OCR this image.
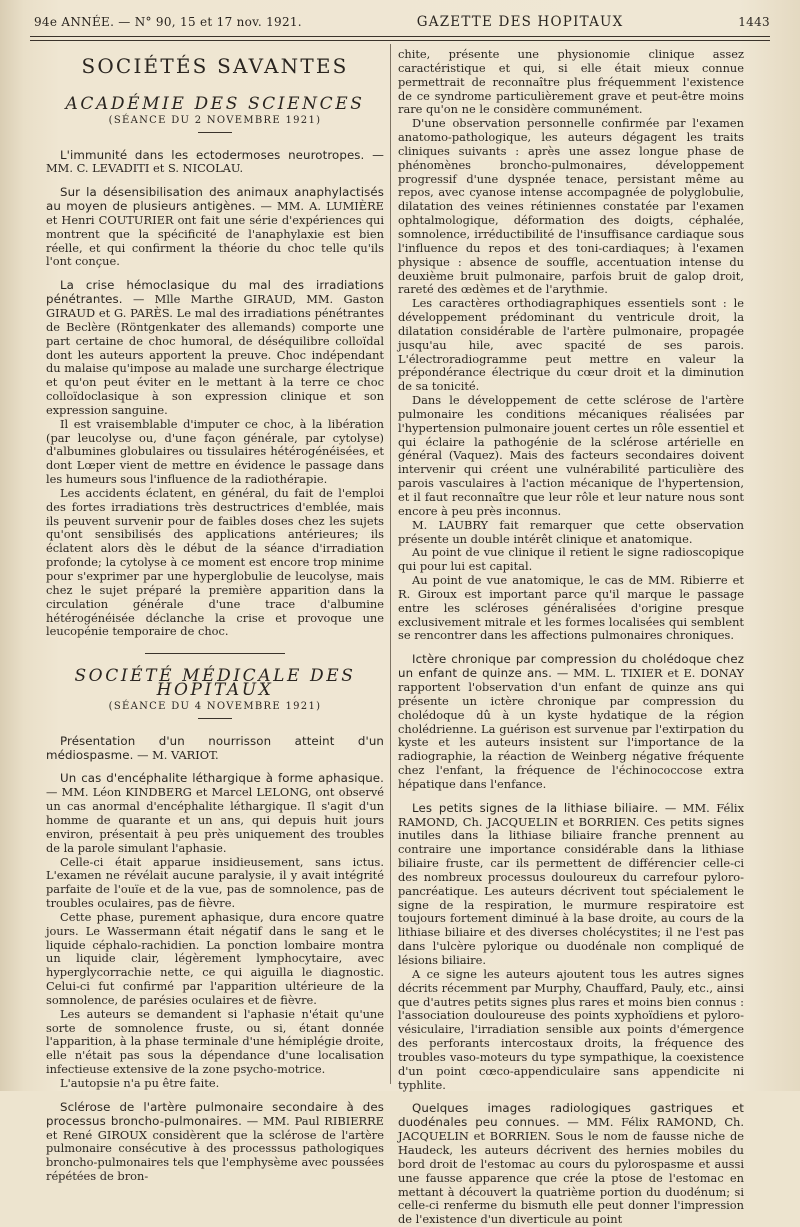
94e ANNÉE. — N° 90, 15 et 17 nov. 1921.	GAZETTE DES HOPITAUX	1443
SOCIÉTÉS SAVANTES
ACADÉMIE DES SCIENCES
(SÉANCE DU 2 NOVEMBRE 1921)

L'immunité dans les ectodermoses neurotropes. — MM. C. LEVADITI et S. NICOLAU.

Sur la désensibilisation des animaux anaphylactisés au moyen de plusieurs antigènes. — MM. A. LUMIÈRE et Henri COUTURIER ont fait une série d'expériences qui montrent que la spécificité de l'anaphylaxie est bien réelle, et qui confirment la théorie du choc telle qu'ils l'ont conçue.

La crise hémoclasique du mal des irradiations pénétrantes. — Mlle Marthe GIRAUD, MM. Gaston GIRAUD et G. PARÈS. Le mal des irradiations pénétrantes de Beclère (Röntgenkater des allemands) comporte une part certaine de choc humoral, de déséquilibre colloïdal dont les auteurs apportent la preuve. Choc indépendant du malaise qu'impose au malade une surcharge électrique et qu'on peut éviter en le mettant à la terre ce choc colloïdoclasique à son expression clinique et son expression sanguine.

Il est vraisemblable d'imputer ce choc, à la libération (par leucolyse ou, d'une façon générale, par cytolyse) d'albumines globulaires ou tissulaires hétérogénéisées, et dont Lœper vient de mettre en évidence le passage dans les humeurs sous l'influence de la radiothérapie.

Les accidents éclatent, en général, du fait de l'emploi des fortes irradiations très destructrices d'emblée, mais ils peuvent survenir pour de faibles doses chez les sujets qu'ont sensibilisés des applications antérieures; ils éclatent alors dès le début de la séance d'irradiation profonde; la cytolyse à ce moment est encore trop minime pour s'exprimer par une hyperglobulie de leucolyse, mais chez le sujet préparé la première apparition dans la circulation générale d'une trace d'albumine hétérogénéisée déclanche la crise et provoque une leucopénie temporaire de choc.

SOCIÉTÉ MÉDICALE DES HOPITAUX
(SÉANCE DU 4 NOVEMBRE 1921)

Présentation d'un nourrisson atteint d'un médiospasme. — M. VARIOT.

Un cas d'encéphalite léthargique à forme aphasique. — MM. Léon KINDBERG et Marcel LELONG, ont observé un cas anormal d'encéphalite léthargique. Il s'agit d'un homme de quarante et un ans, qui depuis huit jours environ, présentait à peu près uniquement des troubles de la parole simulant l'aphasie.

Celle-ci était apparue insidieusement, sans ictus. L'examen ne révélait aucune paralysie, il y avait intégrité parfaite de l'ouïe et de la vue, pas de somnolence, pas de troubles oculaires, pas de fièvre.

Cette phase, purement aphasique, dura encore quatre jours. Le Wassermann était négatif dans le sang et le liquide céphalo-rachidien. La ponction lombaire montra un liquide clair, légèrement lymphocytaire, avec hyperglycorrachie nette, ce qui aiguilla le diagnostic. Celui-ci fut confirmé par l'apparition ultérieure de la somnolence, de parésies oculaires et de fièvre.

Les auteurs se demandent si l'aphasie n'était qu'une sorte de somnolence fruste, ou si, étant donnée l'apparition, à la phase terminale d'une hémiplégie droite, elle n'était pas sous la dépendance d'une localisation infectieuse extensive de la zone psycho-motrice.

L'autopsie n'a pu être faite.

Sclérose de l'artère pulmonaire secondaire à des processus broncho-pulmonaires. — MM. Paul RIBIERRE et René GIROUX considèrent que la sclérose de l'artère pulmonaire consécutive à des processsus pathologiques broncho-pulmonaires tels que l'emphysème avec poussées répétées de bron-

chite, présente une physionomie clinique assez caractéristique et qui, si elle était mieux connue permettrait de reconnaître plus fréquemment l'existence de ce syndrome particulièrement grave et peut-être moins rare qu'on ne le considère communément.

D'une observation personnelle confirmée par l'examen anatomo-pathologique, les auteurs dégagent les traits cliniques suivants : après une assez longue phase de phénomènes broncho-pulmonaires, développement progressif d'une dyspnée tenace, persistant même au repos, avec cyanose intense accompagnée de polyglobulie, dilatation des veines rétiniennes constatée par l'examen ophtalmologique, déformation des doigts, céphalée, somnolence, irréductibilité de l'insuffisance cardiaque sous l'influence du repos et des toni-cardiaques; à l'examen physique : absence de souffle, accentuation intense du deuxième bruit pulmonaire, parfois bruit de galop droit, rareté des œdèmes et de l'arythmie.

Les caractères orthodiagraphiques essentiels sont : le développement prédominant du ventricule droit, la dilatation considérable de l'artère pulmonaire, propagée jusqu'au hile, avec spacité de ses parois. L'électroradiogramme peut mettre en valeur la prépondérance électrique du cœur droit et la diminution de sa tonicité.

Dans le développement de cette sclérose de l'artère pulmonaire les conditions mécaniques réalisées par l'hypertension pulmonaire jouent certes un rôle essentiel et qui éclaire la pathogénie de la sclérose artérielle en général (Vaquez). Mais des facteurs secondaires doivent intervenir qui créent une vulnérabilité particulière des parois vasculaires à l'action mécanique de l'hypertension, et il faut reconnaître que leur rôle et leur nature nous sont encore à peu près inconnus.

M. LAUBRY fait remarquer que cette observation présente un double intérêt clinique et anatomique.

Au point de vue clinique il retient le signe radioscopique qui pour lui est capital.

Au point de vue anatomique, le cas de MM. Ribierre et R. Giroux est important parce qu'il marque le passage entre les scléroses généralisées d'origine presque exclusivement mitrale et les formes localisées qui semblent se rencontrer dans les affections pulmonaires chroniques.

Ictère chronique par compression du cholédoque chez un enfant de quinze ans. — MM. L. TIXIER et E. DONAY rapportent l'observation d'un enfant de quinze ans qui présente un ictère chronique par compression du cholédoque dû à un kyste hydatique de la région cholédrienne. La guérison est survenue par l'extirpation du kyste et les auteurs insistent sur l'importance de la radiographie, la réaction de Weinberg négative fréquente chez l'enfant, la fréquence de l'échinococcose extra hépatique dans l'enfance.

Les petits signes de la lithiase biliaire. — MM. Félix RAMOND, Ch. JACQUELIN et BORRIEN. Ces petits signes inutiles dans la lithiase biliaire franche prennent au contraire une importance considérable dans la lithiase biliaire fruste, car ils permettent de différencier celle-ci des nombreux processus douloureux du carrefour pyloro-pancréatique. Les auteurs décrivent tout spécialement le signe de la respiration, le murmure respiratoire est toujours fortement diminué à la base droite, au cours de la lithiase biliaire et des diverses cholécystites; il ne l'est pas dans l'ulcère pylorique ou duodénale non compliqué de lésions biliaire.

A ce signe les auteurs ajoutent tous les autres signes décrits récemment par Murphy, Chauffard, Pauly, etc., ainsi que d'autres petits signes plus rares et moins bien connus : l'association douloureuse des points xyphoïdiens et pyloro-vésiculaire, l'irradiation sensible aux points d'émergence des perforants intercostaux droits, la fréquence des troubles vaso-moteurs du type sympathique, la coexistence d'un point cœco-appendiculaire sans appendicite ni typhlite.

Quelques images radiologiques gastriques et duodénales peu connues. — MM. Félix RAMOND, Ch. JACQUELIN et BORRIEN. Sous le nom de fausse niche de Haudeck, les auteurs décrivent des hernies mobiles du bord droit de l'estomac au cours du pylorospasme et aussi une fausse apparence que crée la ptose de l'estomac en mettant à découvert la quatrième portion du duodénum; si celle-ci renferme du bismuth elle peut donner l'impression de l'existence d'un diverticule au point
